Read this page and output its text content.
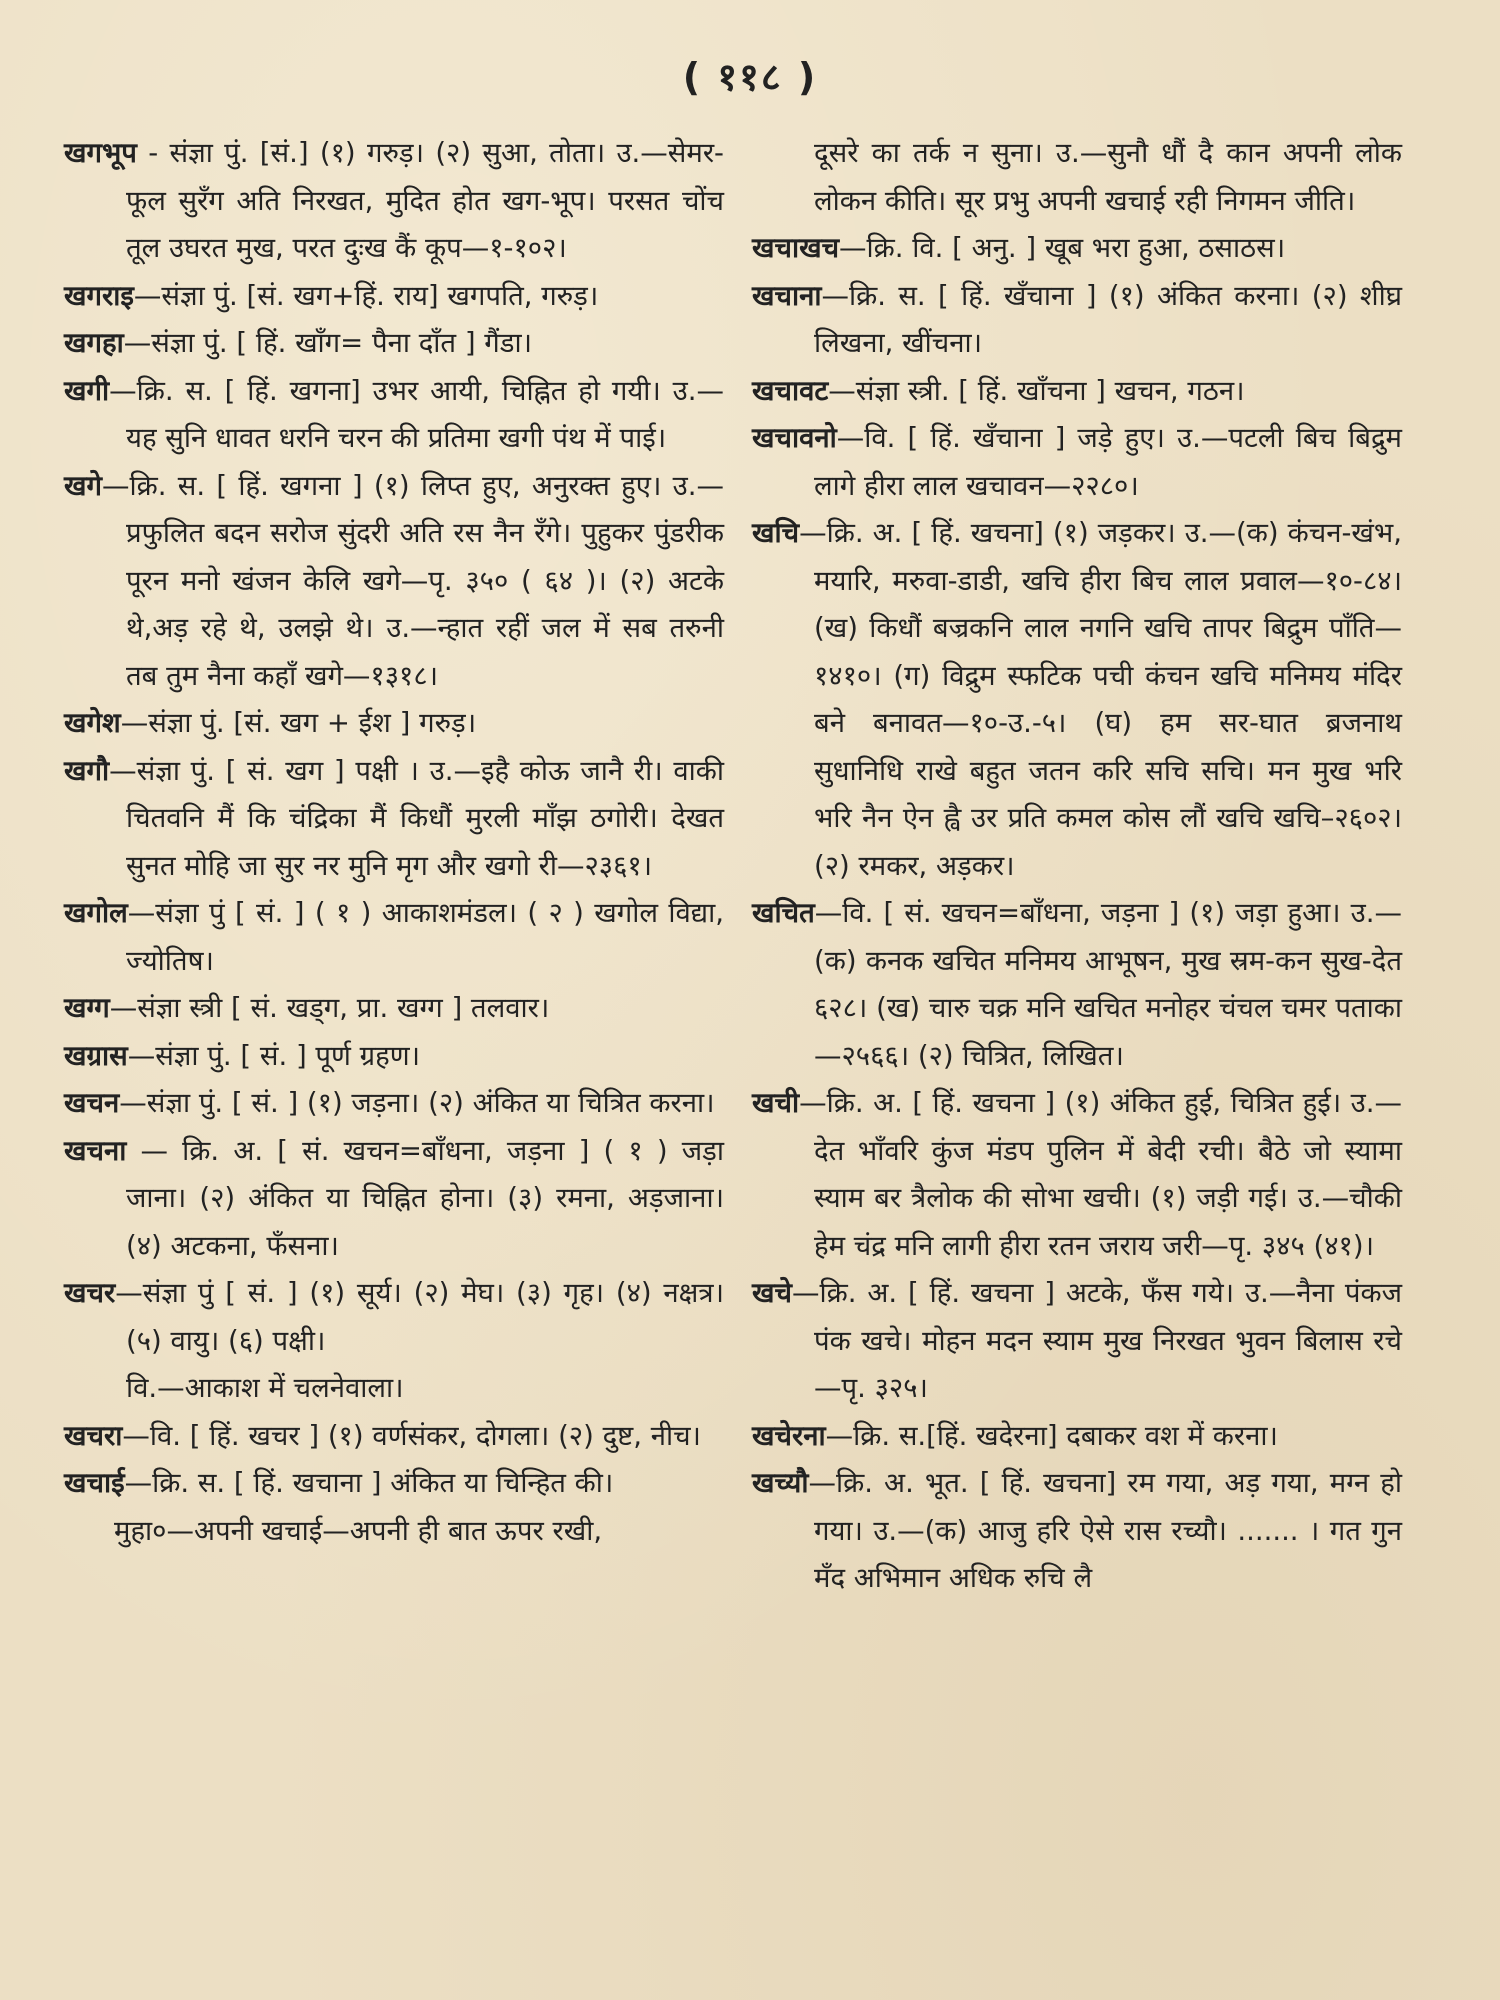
( ११८ )

खगभूप - संज्ञा पुं. [सं.] (१) गरुड़। (२) सुआ, तोता। उ.—सेमर-फूल सुरँग अति निरखत, मुदित होत खग-भूप। परसत चोंच तूल उघरत मुख, परत दुःख कैं कूप—१-१०२।

खगराइ—संज्ञा पुं. [सं. खग+हिं. राय] खगपति, गरुड़।

खगहा—संज्ञा पुं. [ हिं. खाँग= पैना दाँत ] गैंडा।

खगी—क्रि. स. [ हिं. खगना] उभर आयी, चिह्नित हो गयी। उ.— यह सुनि धावत धरनि चरन की प्रतिमा खगी पंथ में पाई।

खगे—क्रि. स. [ हिं. खगना ] (१) लिप्त हुए, अनुरक्त हुए। उ.—प्रफुलित बदन सरोज सुंदरी अति रस नैन रँगे। पुहुकर पुंडरीक पूरन मनो खंजन केलि खगे—पृ. ३५० ( ६४ )। (२) अटके थे,अड़ रहे थे, उलझे थे। उ.—न्हात रहीं जल में सब तरुनी तब तुम नैना कहाँ खगे—१३१८।

खगेश—संज्ञा पुं. [सं. खग + ईश ] गरुड़।

खगौ—संज्ञा पुं. [ सं. खग ] पक्षी । उ.—इहै कोऊ जानै री। वाकी चितवनि मैं कि चंद्रिका मैं किधौं मुरली माँझ ठगोरी। देखत सुनत मोहि जा सुर नर मुनि मृग और खगो री—२३६१।

खगोल—संज्ञा पुं [ सं. ] ( १ ) आकाशमंडल। ( २ ) खगोल विद्या, ज्योतिष।

खग्ग—संज्ञा स्त्री [ सं. खड्ग, प्रा. खग्ग ] तलवार।

खग्रास—संज्ञा पुं. [ सं. ] पूर्ण ग्रहण।

खचन—संज्ञा पुं. [ सं. ] (१) जड़ना। (२) अंकित या चित्रित करना।

खचना — क्रि. अ. [ सं. खचन=बाँधना, जड़ना ] ( १ ) जड़ा जाना। (२) अंकित या चिह्नित होना। (३) रमना, अड़जाना। (४) अटकना, फँसना।

खचर—संज्ञा पुं [ सं. ] (१) सूर्य। (२) मेघ। (३) गृह। (४) नक्षत्र। (५) वायु। (६) पक्षी।

वि.—आकाश में चलनेवाला।

खचरा—वि. [ हिं. खचर ] (१) वर्णसंकर, दोगला। (२) दुष्ट, नीच।

खचाई—क्रि. स. [ हिं. खचाना ] अंकित या चिन्हित की।

मुहा०—अपनी खचाई—अपनी ही बात ऊपर रखी,

दूसरे का तर्क न सुना। उ.—सुनौ धौं दै कान अपनी लोक लोकन कीति। सूर प्रभु अपनी खचाई रही निगमन जीति।

खचाखच—क्रि. वि. [ अनु. ] खूब भरा हुआ, ठसाठस।

खचाना—क्रि. स. [ हिं. खँचाना ] (१) अंकित करना। (२) शीघ्र लिखना, खींचना।

खचावट—संज्ञा स्त्री. [ हिं. खाँचना ] खचन, गठन।

खचावनो—वि. [ हिं. खँचाना ] जड़े हुए। उ.—पटली बिच बिद्रुम लागे हीरा लाल खचावन—२२८०।

खचि—क्रि. अ. [ हिं. खचना] (१) जड़कर। उ.—(क) कंचन-खंभ, मयारि, मरुवा-डाडी, खचि हीरा बिच लाल प्रवाल—१०-८४। (ख) किधौं बज्रकनि लाल नगनि खचि तापर बिद्रुम पाँति—१४१०। (ग) विद्रुम स्फटिक पची कंचन खचि मनिमय मंदिर बने बनावत—१०-उ.-५। (घ) हम सर-घात ब्रजनाथ सुधानिधि राखे बहुत जतन करि सचि सचि। मन मुख भरि भरि नैन ऐन ह्वै उर प्रति कमल कोस लौं खचि खचि–२६०२। (२) रमकर, अड़कर।

खचित—वि. [ सं. खचन=बाँधना, जड़ना ] (१) जड़ा हुआ। उ.—(क) कनक खचित मनिमय आभूषन, मुख स्रम-कन सुख-देत ६२८। (ख) चारु चक्र मनि खचित मनोहर चंचल चमर पताका—२५६६। (२) चित्रित, लिखित।

खची—क्रि. अ. [ हिं. खचना ] (१) अंकित हुई, चित्रित हुई। उ.—देत भाँवरि कुंज मंडप पुलिन में बेदी रची। बैठे जो स्यामा स्याम बर त्रैलोक की सोभा खची। (१) जड़ी गई। उ.—चौकी हेम चंद्र मनि लागी हीरा रतन जराय जरी—पृ. ३४५ (४१)।

खचे—क्रि. अ. [ हिं. खचना ] अटके, फँस गये। उ.—नैना पंकज पंक खचे। मोहन मदन स्याम मुख निरखत भुवन बिलास रचे—पृ. ३२५।

खचेरना—क्रि. स.[हिं. खदेरना] दबाकर वश में करना।

खच्यौ—क्रि. अ. भूत. [ हिं. खचना] रम गया, अड़ गया, मग्न हो गया। उ.—(क) आजु हरि ऐसे रास रच्यौ। ....... । गत गुन मँद अभिमान अधिक रुचि लै
